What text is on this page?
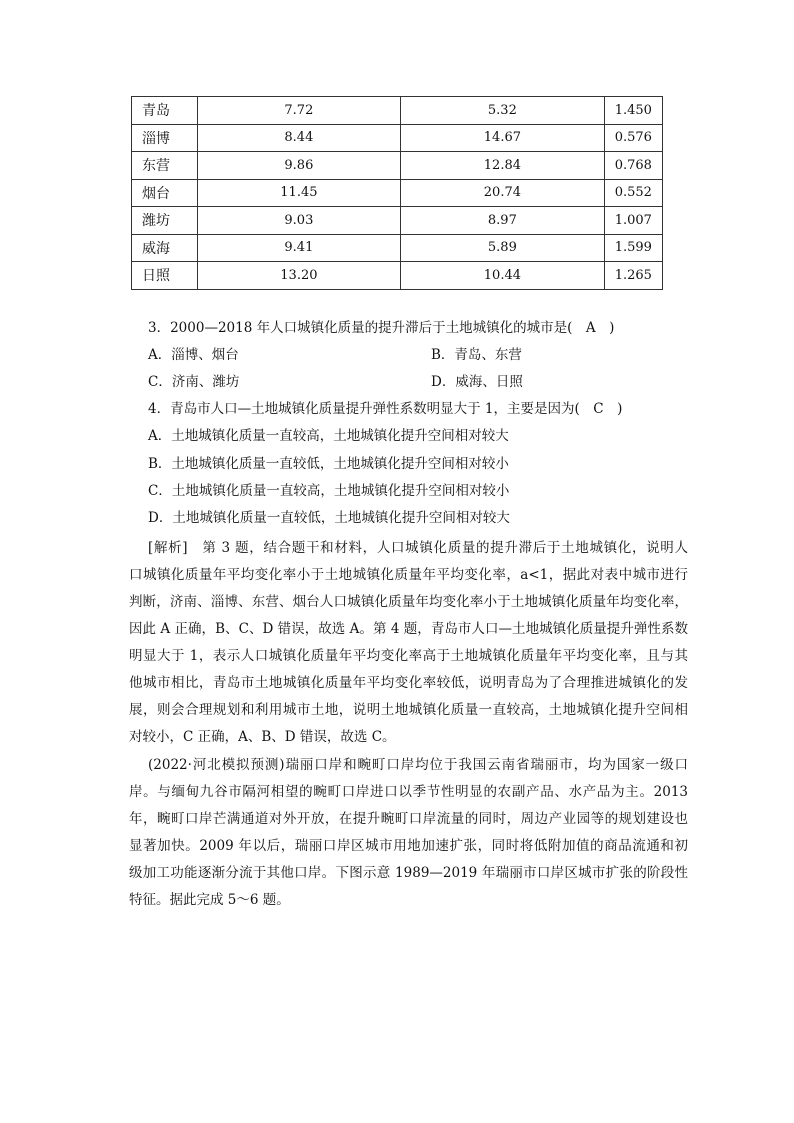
青岛	7.72	5.32	1.450
淄博	8.44	14.67	0.576
东营	9.86	12.84	0.768
烟台	11.45	20.74	0.552
潍坊	9.03	8.97	1.007
威海	9.41	5.89	1.599
日照	13.20	10.44	1.265
3．2000—2018 年人口城镇化质量的提升滞后于土地城镇化的城市是(　A　)
A．淄博、烟台	B．青岛、东营
C．济南、潍坊	D．威海、日照
4．青岛市人口—土地城镇化质量提升弹性系数明显大于 1，主要是因为(　C　)
A．土地城镇化质量一直较高，土地城镇化提升空间相对较大
B．土地城镇化质量一直较低，土地城镇化提升空间相对较小
C．土地城镇化质量一直较高，土地城镇化提升空间相对较小
D．土地城镇化质量一直较低，土地城镇化提升空间相对较大

[解析]　第 3 题，结合题干和材料，人口城镇化质量的提升滞后于土地城镇化，说明人

口城镇化质量年平均变化率小于土地城镇化质量年平均变化率，a<1，据此对表中城市进行

判断，济南、淄博、东营、烟台人口城镇化质量年均变化率小于土地城镇化质量年均变化率，

因此 A 正确，B、C、D 错误，故选 A。第 4 题，青岛市人口—土地城镇化质量提升弹性系数

明显大于 1，表示人口城镇化质量年平均变化率高于土地城镇化质量年平均变化率，且与其

他城市相比，青岛市土地城镇化质量年平均变化率较低，说明青岛为了合理推进城镇化的发

展，则会合理规划和利用城市土地，说明土地城镇化质量一直较高，土地城镇化提升空间相

对较小，C 正确，A、B、D 错误，故选 C。

(2022·河北模拟预测)瑞丽口岸和畹町口岸均位于我国云南省瑞丽市，均为国家一级口

岸。与缅甸九谷市隔河相望的畹町口岸进口以季节性明显的农副产品、水产品为主。2013

年，畹町口岸芒满通道对外开放，在提升畹町口岸流量的同时，周边产业园等的规划建设也

显著加快。2009 年以后，瑞丽口岸区城市用地加速扩张，同时将低附加值的商品流通和初

级加工功能逐渐分流于其他口岸。下图示意 1989—2019 年瑞丽市口岸区城市扩张的阶段性

特征。据此完成 5～6 题。
